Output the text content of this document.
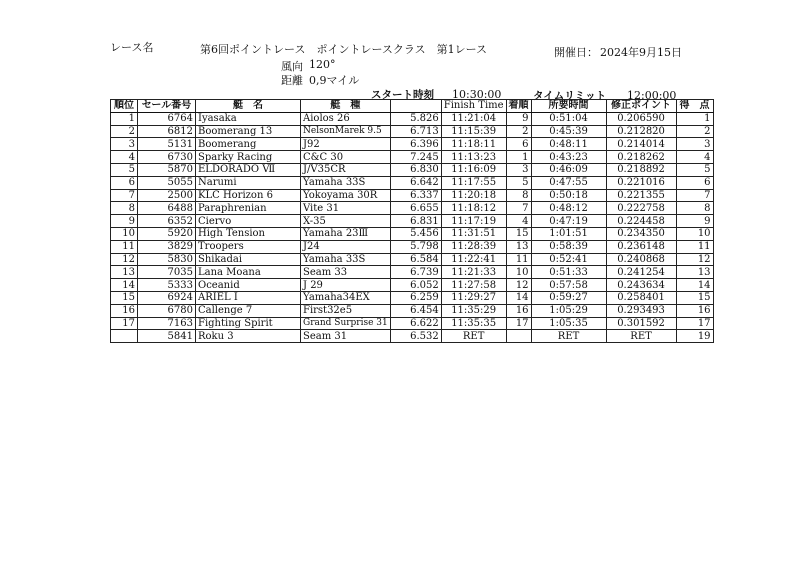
レース名	第6回ポイントレース　ポイントレースクラス　第1レース	開催日： 2024年9月15日
風向 120°
距離 0,9マイル
スタート時刻 10:30:00	タイムリミット 12:00:00
順位	セール番号	艇　名	艇　種		Finish Time	着順	所要時間	修正ポイント	得　点
1	6764	Iyasaka	Aiolos 26	5.826	11:21:04	9	0:51:04	0.206590	1
2	6812	Boomerang 13	NelsonMarek 9.5	6.713	11:15:39	2	0:45:39	0.212820	2
3	5131	Boomerang	J92	6.396	11:18:11	6	0:48:11	0.214014	3
4	6730	Sparky Racing	C&C 30	7.245	11:13:23	1	0:43:23	0.218262	4
5	5870	ELDORADO Ⅶ	J/V35CR	6.830	11:16:09	3	0:46:09	0.218892	5
6	5055	Narumi	Yamaha 33S	6.642	11:17:55	5	0:47:55	0.221016	6
7	2500	KLC Horizon 6	Yokoyama 30R	6.337	11:20:18	8	0:50:18	0.221355	7
8	6488	Paraphrenian	Vite 31	6.655	11:18:12	7	0:48:12	0.222758	8
9	6352	Ciervo	X-35	6.831	11:17:19	4	0:47:19	0.224458	9
10	5920	High Tension	Yamaha 23Ⅲ	5.456	11:31:51	15	1:01:51	0.234350	10
11	3829	Troopers	J24	5.798	11:28:39	13	0:58:39	0.236148	11
12	5830	Shikadai	Yamaha 33S	6.584	11:22:41	11	0:52:41	0.240868	12
13	7035	Lana Moana	Seam 33	6.739	11:21:33	10	0:51:33	0.241254	13
14	5333	Oceanid	J 29	6.052	11:27:58	12	0:57:58	0.243634	14
15	6924	ARIEL Ⅰ	Yamaha34EX	6.259	11:29:27	14	0:59:27	0.258401	15
16	6780	Callenge 7	First32e5	6.454	11:35:29	16	1:05:29	0.293493	16
17	7163	Fighting Spirit	Grand Surprise 31	6.622	11:35:35	17	1:05:35	0.301592	17
	5841	Roku 3	Seam 31	6.532	RET		RET	RET	19
